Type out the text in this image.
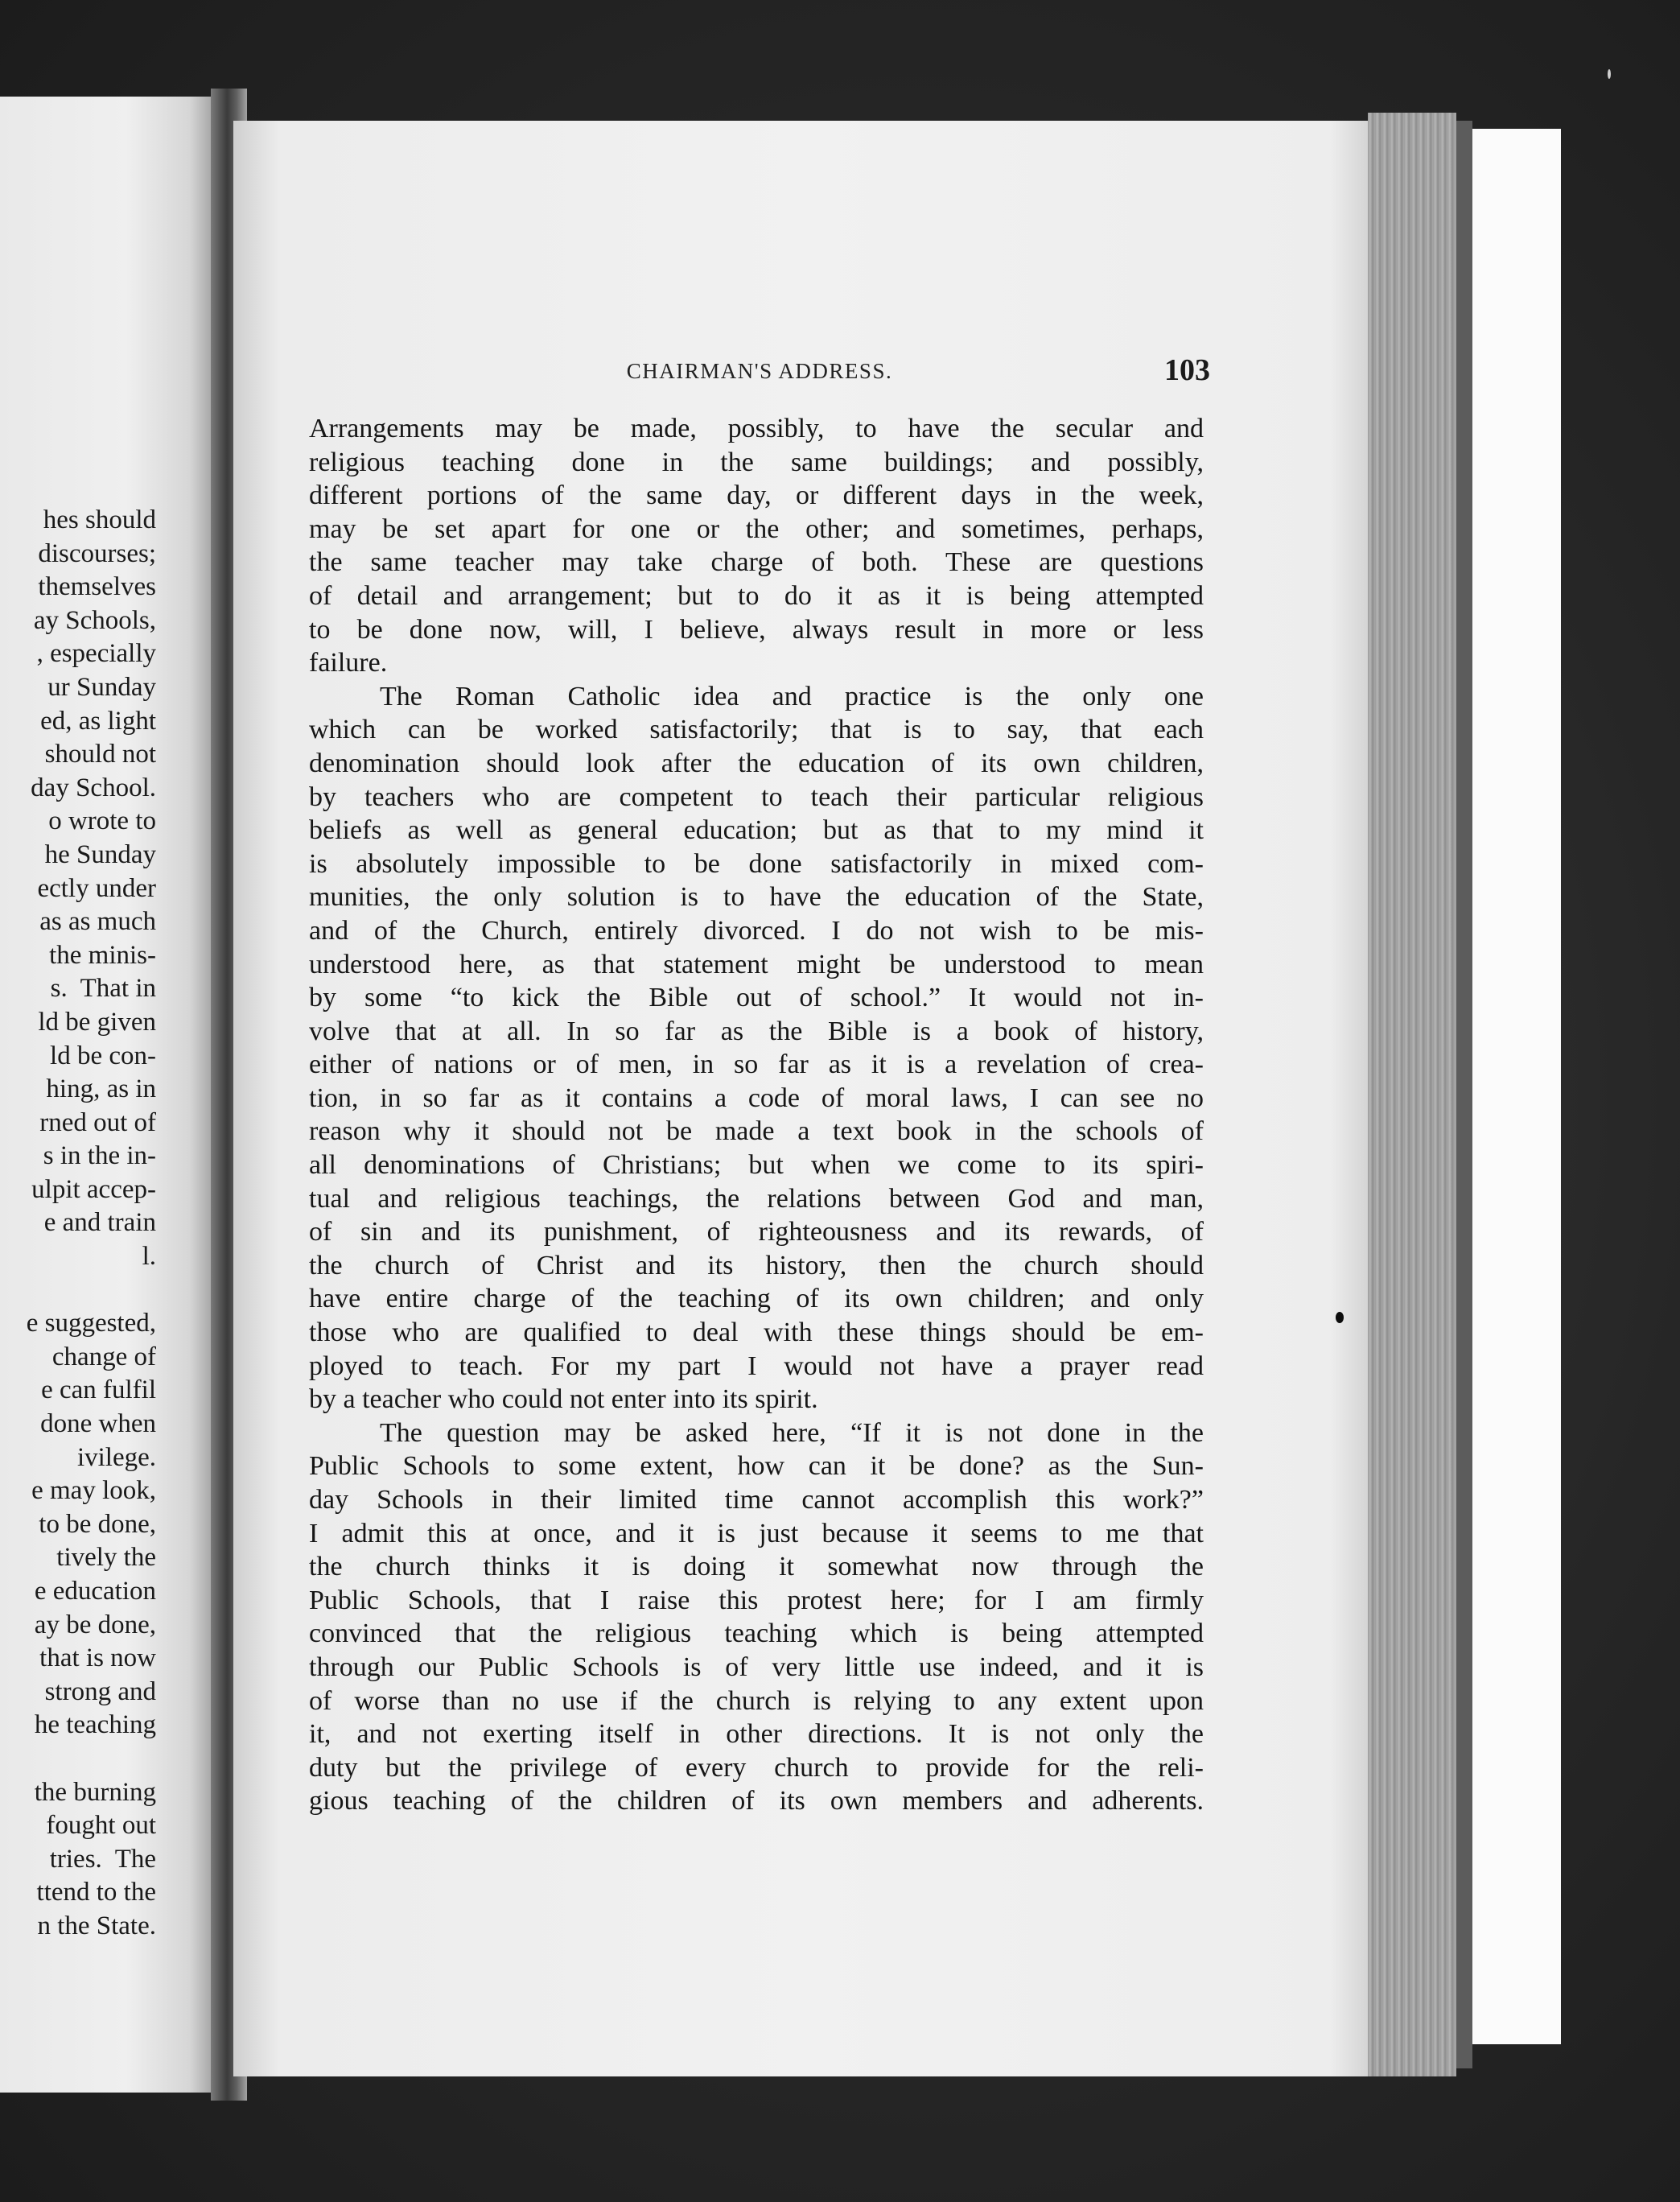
hes should
discourses;
themselves
ay Schools,
, especially
ur Sunday
ed, as light
should not
day School.
o wrote to
he Sunday
ectly under
as as much
the minis-
s.  That in
ld be given
ld be con-
hing, as in
rned out of
s in the in-
ulpit accep-
e and train
l.

e suggested,
change of
e can fulfil
done when
ivilege.
e may look,
to be done,
tively the
e education
ay be done,
that is now
strong and
he teaching

the burning
fought out
tries.  The
ttend to the
n the State.
CHAIRMAN'S ADDRESS.	103
Arrangements may be made, possibly, to have the secular and
religious teaching done in the same buildings; and possibly,
different portions of the same day, or different days in the week,
may be set apart for one or the other; and sometimes, perhaps,
the same teacher may take charge of both. These are questions
of detail and arrangement; but to do it as it is being attempted
to be done now, will, I believe, always result in more or less
failure.
The Roman Catholic idea and practice is the only one
which can be worked satisfactorily; that is to say, that each
denomination should look after the education of its own children,
by teachers who are competent to teach their particular religious
beliefs as well as general education; but as that to my mind it
is absolutely impossible to be done satisfactorily in mixed com-
munities, the only solution is to have the education of the State,
and of the Church, entirely divorced. I do not wish to be mis-
understood here, as that statement might be understood to mean
by some “to kick the Bible out of school.” It would not in-
volve that at all. In so far as the Bible is a book of history,
either of nations or of men, in so far as it is a revelation of crea-
tion, in so far as it contains a code of moral laws, I can see no
reason why it should not be made a text book in the schools of
all denominations of Christians; but when we come to its spiri-
tual and religious teachings, the relations between God and man,
of sin and its punishment, of righteousness and its rewards, of
the church of Christ and its history, then the church should
have entire charge of the teaching of its own children; and only
those who are qualified to deal with these things should be em-
ployed to teach. For my part I would not have a prayer read
by a teacher who could not enter into its spirit.
The question may be asked here, “If it is not done in the
Public Schools to some extent, how can it be done? as the Sun-
day Schools in their limited time cannot accomplish this work?”
I admit this at once, and it is just because it seems to me that
the church thinks it is doing it somewhat now through the
Public Schools, that I raise this protest here; for I am firmly
convinced that the religious teaching which is being attempted
through our Public Schools is of very little use indeed, and it is
of worse than no use if the church is relying to any extent upon
it, and not exerting itself in other directions. It is not only the
duty but the privilege of every church to provide for the reli-
gious teaching of the children of its own members and adherents.
